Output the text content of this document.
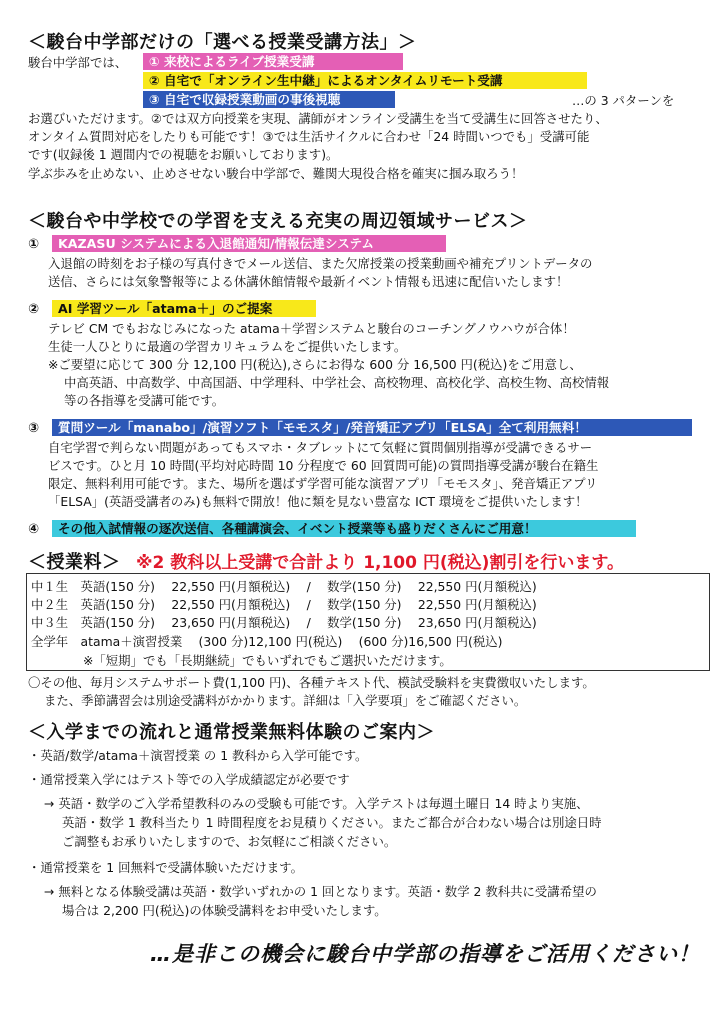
＜駿台中学部だけの「選べる授業受講方法」＞
駿台中学部では、	① 来校によるライブ授業受講
② 自宅で「オンライン生中継」によるオンタイムリモート受講
③ 自宅で収録授業動画の事後視聴	…の 3 パターンを
お選びいただけます。②では双方向授業を実現、講師がオンライン受講生を当て受講生に回答させたり、
オンタイム質問対応をしたりも可能です！③では生活サイクルに合わせ「24 時間いつでも」受講可能
です(収録後 1 週間内での視聴をお願いしております)。
学ぶ歩みを止めない、止めさせない駿台中学部で、難関大現役合格を確実に掴み取ろう！
＜駿台や中学校での学習を支える充実の周辺領域サービス＞
①	KAZASU システムによる入退館通知/情報伝達システム
入退館の時刻をお子様の写真付きでメール送信、また欠席授業の授業動画や補充プリントデータの
送信、さらには気象警報等による休講休館情報や最新イベント情報も迅速に配信いたします！
②	AI 学習ツール「atama＋」のご提案
テレビ CM でもおなじみになった atama＋学習システムと駿台のコーチングノウハウが合体！
生徒一人ひとりに最適の学習カリキュラムをご提供いたします。
※ご要望に応じて 300 分 12,100 円(税込),さらにお得な 600 分 16,500 円(税込)をご用意し、
中高英語、中高数学、中高国語、中学理科、中学社会、高校物理、高校化学、高校生物、高校情報
等の各指導を受講可能です。
③	質問ツール「manabo」/演習ソフト「モモスタ」/発音矯正アプリ「ELSA」全て利用無料！
自宅学習で判らない問題があってもスマホ・タブレットにて気軽に質問個別指導が受講できるサー
ビスです。ひと月 10 時間(平均対応時間 10 分程度で 60 回質問可能)の質問指導受講が駿台在籍生
限定、無料利用可能です。また、場所を選ばず学習可能な演習アプリ「モモスタ」、発音矯正アプリ
「ELSA」(英語受講者のみ)も無料で開放！他に類を見ない豊富な ICT 環境をご提供いたします！
④	その他入試情報の逐次送信、各種講演会、イベント授業等も盛りだくさんにご用意！
＜授業料＞ ※2 教科以上受講で合計より 1,100 円(税込)割引を行います。
中１生　英語(150 分)　 22,550 円(月額税込)　 /　 数学(150 分)　 22,550 円(月額税込)
中２生　英語(150 分)　 22,550 円(月額税込)　 /　 数学(150 分)　 22,550 円(月額税込)
中３生　英語(150 分)　 23,650 円(月額税込)　 /　 数学(150 分)　 23,650 円(月額税込)
全学年　atama＋演習授業　 (300 分)12,100 円(税込)　 (600 分)16,500 円(税込)
※「短期」でも「長期継続」でもいずれでもご選択いただけます。
〇その他、毎月システムサポート費(1,100 円)、各種テキスト代、模試受験料を実費徴収いたします。
また、季節講習会は別途受講料がかかります。詳細は「入学要項」をご確認ください。
＜入学までの流れと通常授業無料体験のご案内＞
・英語/数学/atama＋演習授業 の 1 教科から入学可能です。
・通常授業入学にはテスト等での入学成績認定が必要です
→ 英語・数学のご入学希望教科のみの受験も可能です。入学テストは毎週土曜日 14 時より実施、
英語・数学 1 教科当たり 1 時間程度をお見積りください。またご都合が合わない場合は別途日時
ご調整もお承りいたしますので、お気軽にご相談ください。
・通常授業を 1 回無料で受講体験いただけます。
→ 無料となる体験受講は英語・数学いずれかの 1 回となります。英語・数学 2 教科共に受講希望の
場合は 2,200 円(税込)の体験受講料をお申受いたします。
…是非この機会に駿台中学部の指導をご活用ください！
